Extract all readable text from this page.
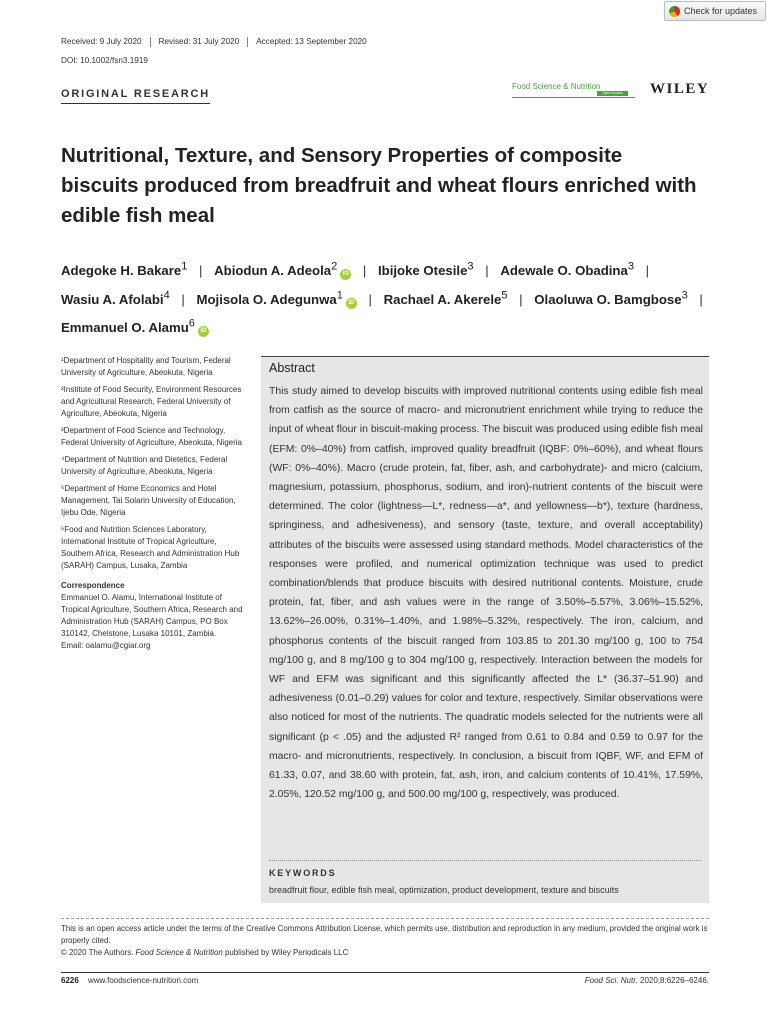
Check for updates
Received: 9 July 2020	Revised: 31 July 2020	Accepted: 13 September 2020
DOI: 10.1002/fsn3.1919
ORIGINAL RESEARCH
Food Science & Nutrition
Open Access	WILEY
Nutritional, Texture, and Sensory Properties of composite biscuits produced from breadfruit and wheat flours enriched with edible fish meal
Adegoke H. Bakare$^1$ | Abiodun A. Adeola$^2$iD | Ibijoke Otesile$^3$ | Adewale O. Obadina$^3$ | Wasiu A. Afolabi$^4$ | Mojisola O. Adegunwa$^1$iD | Rachael A. Akerele$^5$ | Olaoluwa O. Bamgbose$^3$ | Emmanuel O. Alamu$^6$iD
¹Department of Hospitality and Tourism, Federal University of Agriculture, Abeokuta, Nigeria
²Institute of Food Security, Environment Resources and Agricultural Research, Federal University of Agriculture, Abeokuta, Nigeria
³Department of Food Science and Technology, Federal University of Agriculture, Abeokuta, Nigeria
⁴Department of Nutrition and Dietetics, Federal University of Agriculture, Abeokuta, Nigeria
⁵Department of Home Economics and Hotel Management, Tai Solarin University of Education, Ijebu Ode, Nigeria
⁶Food and Nutrition Sciences Laboratory, International Institute of Tropical Agriculture, Southern Africa, Research and Administration Hub (SARAH) Campus, Lusaka, Zambia
Correspondence
Emmanuel O. Alamu, International Institute of Tropical Agriculture, Southern Africa, Research and Administration Hub (SARAH) Campus, PO Box 310142, Chelstone, Lusaka 10101, Zambia.
Email: oalamu@cgiar.org
Abstract

This study aimed to develop biscuits with improved nutritional contents using edible fish meal from catfish as the source of macro- and micronutrient enrichment while trying to reduce the input of wheat flour in biscuit-making process. The biscuit was produced using edible fish meal (EFM: 0%–40%) from catfish, improved quality breadfruit (IQBF: 0%–60%), and wheat flours (WF: 0%–40%). Macro (crude protein, fat, fiber, ash, and carbohydrate)- and micro (calcium, magnesium, potassium, phosphorus, sodium, and iron)-nutrient contents of the biscuit were determined. The color (lightness—L*, redness—a*, and yellowness—b*), texture (hardness, springiness, and adhesiveness), and sensory (taste, texture, and overall acceptability) attributes of the biscuits were assessed using standard methods. Model characteristics of the responses were profiled, and numerical optimization technique was used to predict combination/blends that produce biscuits with desired nutritional contents. Moisture, crude protein, fat, fiber, and ash values were in the range of 3.50%–5.57%, 3.06%–15.52%, 13.62%–26.00%, 0.31%–1.40%, and 1.98%–5.32%, respectively. The iron, calcium, and phosphorus contents of the biscuit ranged from 103.85 to 201.30 mg/100 g, 100 to 754 mg/100 g, and 8 mg/100 g to 304 mg/100 g, respectively. Interaction between the models for WF and EFM was significant and this significantly affected the L* (36.37–51.90) and adhesiveness (0.01–0.29) values for color and texture, respectively. Similar observations were also noticed for most of the nutrients. The quadratic models selected for the nutrients were all significant (p < .05) and the adjusted R² ranged from 0.61 to 0.84 and 0.59 to 0.97 for the macro- and micronutrients, respectively. In conclusion, a biscuit from IQBF, WF, and EFM of 61.33, 0.07, and 38.60 with protein, fat, ash, iron, and calcium contents of 10.41%, 17.59%, 2.05%, 120.52 mg/100 g, and 500.00 mg/100 g, respectively, was produced.

KEYWORDS
breadfruit flour, edible fish meal, optimization, product development, texture and biscuits
This is an open access article under the terms of the Creative Commons Attribution License, which permits use, distribution and reproduction in any medium, provided the original work is properly cited.
© 2020 The Authors. Food Science & Nutrition published by Wiley Periodicals LLC
6226 www.foodscience-nutrition.com	Food Sci. Nutr. 2020;8:6226–6246.
